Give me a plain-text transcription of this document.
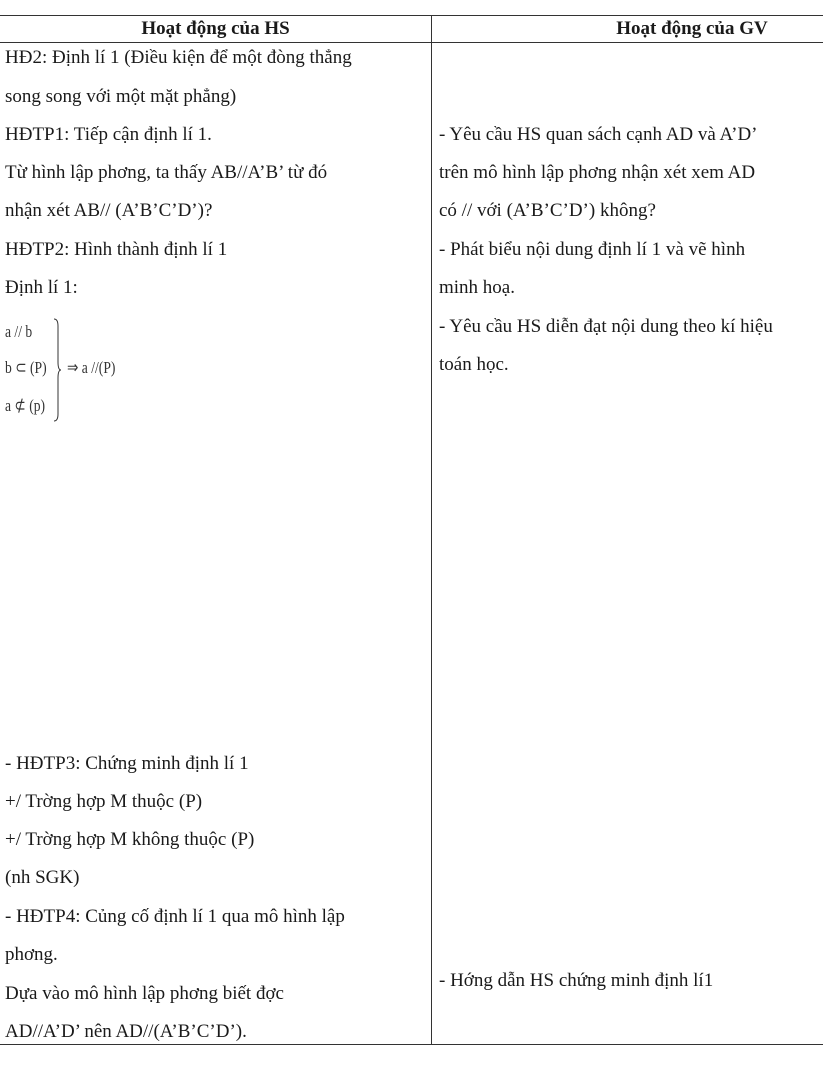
Hoạt động của HS	Hoạt động của GV
HĐ2: Định lí 1 (Điều kiện để một đòng thẳng
song song với một mặt phẳng)
HĐTP1: Tiếp cận định lí 1.
Từ hình lập phơng, ta thấy AB//A’B’ từ đó
nhận xét AB// (A’B’C’D’)?
HĐTP2: Hình thành định lí 1
Định lí 1:
a // b
b ⊂ (P)
a ⊄ (p)
⇒ a //(P)
- HĐTP3: Chứng minh định lí 1
+/ Trờng hợp M thuộc (P)
+/ Trờng hợp M không thuộc (P)
(nh SGK)
- HĐTP4: Củng cố định lí 1 qua mô hình lập
phơng.
Dựa vào mô hình lập phơng biết đợc
AD//A’D’ nên AD//(A’B’C’D’).
- Yêu cầu HS quan sách cạnh AD và A’D’
trên mô hình lập phơng nhận xét xem AD
có // với (A’B’C’D’) không?
- Phát biểu nội dung định lí 1 và vẽ hình
minh hoạ.
- Yêu cầu HS diễn đạt nội dung theo kí hiệu
toán học.
- Hớng dẫn HS chứng minh định lí1
